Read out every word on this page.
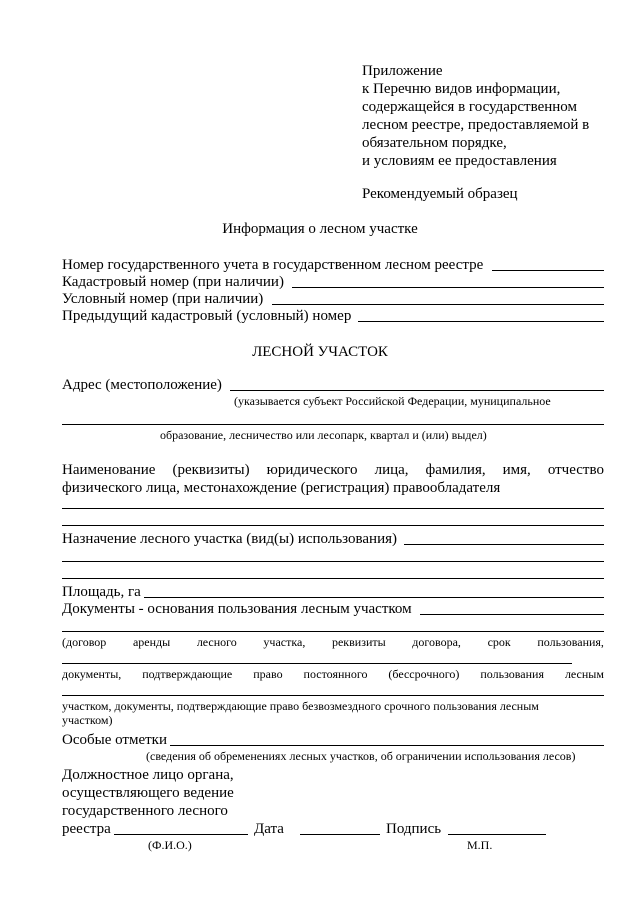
Приложение
к Перечню видов информации,
содержащейся в государственном
лесном реестре, предоставляемой в
обязательном порядке,
и условиям ее предоставления
Рекомендуемый образец
Информация о лесном участке
Номер государственного учета в государственном лесном реестре
Кадастровый номер (при наличии)
Условный номер (при наличии)
Предыдущий кадастровый (условный) номер
ЛЕСНОЙ УЧАСТОК
Адрес (местоположение)
(указывается субъект Российской Федерации, муниципальное
образование, лесничество или лесопарк, квартал и (или) выдел)
Наименование (реквизиты) юридического лица, фамилия, имя, отчество
физического лица, местонахождение (регистрация) правообладателя
Назначение лесного участка (вид(ы) использования)
Площадь, га
Документы - основания пользования лесным участком
(договор аренды лесного участка, реквизиты договора, срок пользования,
документы, подтверждающие право постоянного (бессрочного) пользования лесным
участком, документы, подтверждающие право безвозмездного срочного пользования лесным
участком)
Особые отметки
(сведения об обременениях лесных участков, об ограничении использования лесов)
Должностное лицо органа,
осуществляющего ведение
государственного лесного
реестра	Дата	Подпись
(Ф.И.О.)	М.П.
